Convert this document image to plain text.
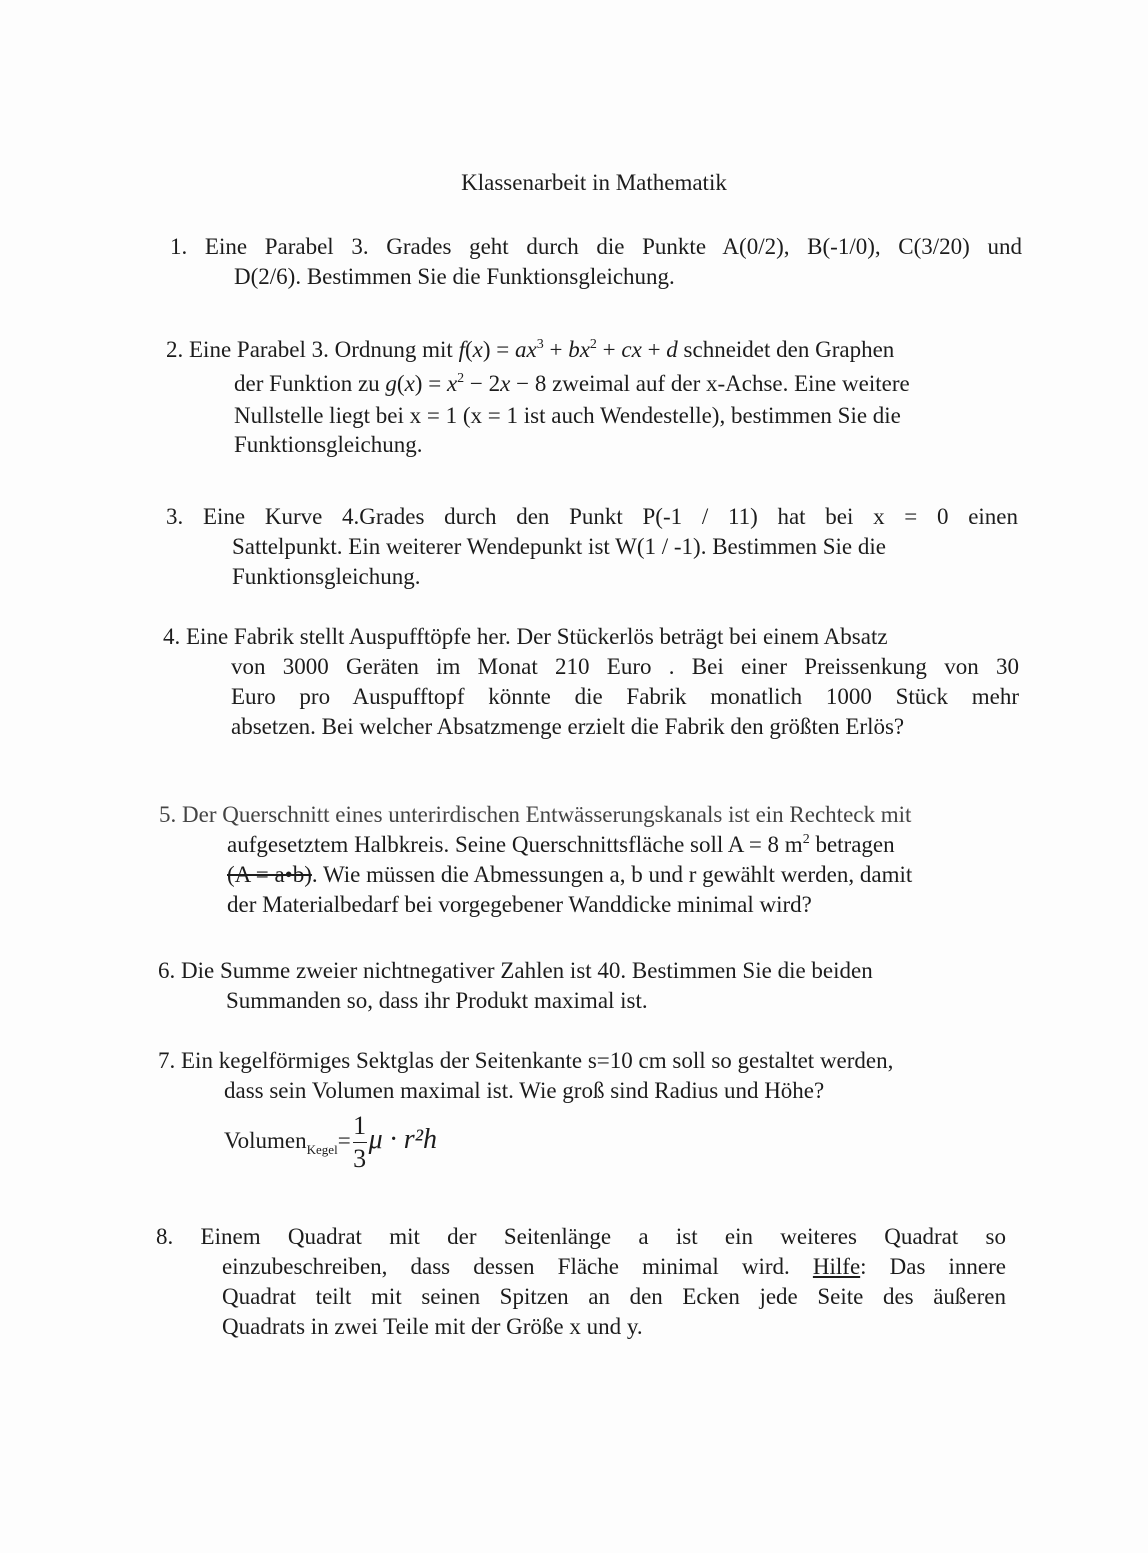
Klassenarbeit in Mathematik
1. Eine Parabel 3. Grades geht durch die Punkte A(0/2), B(-1/0), C(3/20) und
D(2/6). Bestimmen Sie die Funktionsgleichung.
2. Eine Parabel 3. Ordnung mit $f(x) = ax^3 + bx^2$ + cx + d schneidet den Graphen
der Funktion zu $g(x) = x^2 - 2x - 8$ zweimal auf der x-Achse. Eine weitere
Nullstelle liegt bei x = 1 (x = 1 ist auch Wendestelle), bestimmen Sie die
Funktionsgleichung.
3. Eine Kurve 4.Grades durch den Punkt P(-1 / 11) hat bei x = 0 einen
Sattelpunkt. Ein weiterer Wendepunkt ist W(1 / -1). Bestimmen Sie die
Funktionsgleichung.
4. Eine Fabrik stellt Auspufftöpfe her. Der Stückerlös beträgt bei einem Absatz
von 3000 Geräten im Monat 210 Euro . Bei einer Preissenkung von 30
Euro pro Auspufftopf könnte die Fabrik monatlich 1000 Stück mehr
absetzen. Bei welcher Absatzmenge erzielt die Fabrik den größten Erlös?
5. Der Querschnitt eines unterirdischen Entwässerungskanals ist ein Rechteck mit
aufgesetztem Halbkreis. Seine Querschnittsfläche soll A = 8 $m^2$ betragen
(A = a•b). Wie müssen die Abmessungen a, b und r gewählt werden, damit
der Materialbedarf bei vorgegebener Wanddicke minimal wird?
6. Die Summe zweier nichtnegativer Zahlen ist 40. Bestimmen Sie die beiden
Summanden so, dass ihr Produkt maximal ist.
7. Ein kegelförmiges Sektglas der Seitenkante s=10 cm soll so gestaltet werden,
dass sein Volumen maximal ist. Wie groß sind Radius und Höhe?
Volumen$_{Kegel}$= $\frac{1}{3}$ μ · r²h
8. Einem Quadrat mit der Seitenlänge a ist ein weiteres Quadrat so
einzubeschreiben, dass dessen Fläche minimal wird. Hilfe: Das innere
Quadrat teilt mit seinen Spitzen an den Ecken jede Seite des äußeren
Quadrats in zwei Teile mit der Größe x und y.
